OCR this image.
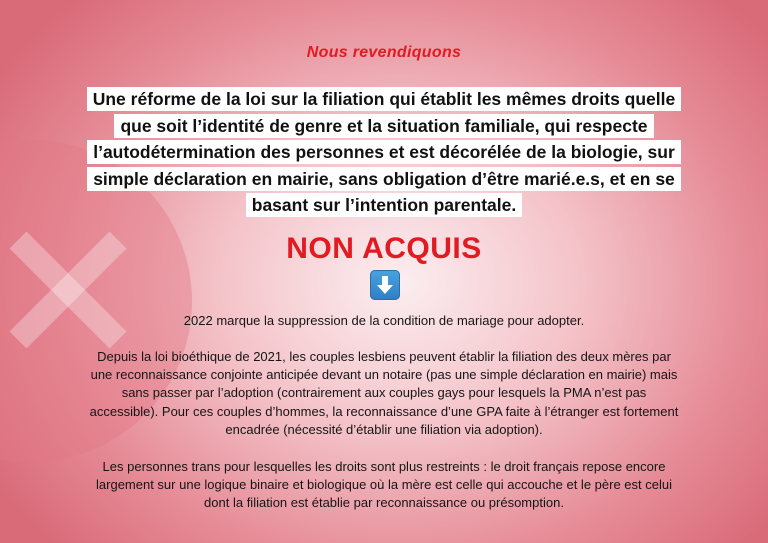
Nous revendiquons
Une réforme de la loi sur la filiation qui établit les mêmes droits quelle
que soit l’identité de genre et la situation familiale, qui respecte
l’autodétermination des personnes et est décorélée de la biologie, sur
simple déclaration en mairie, sans obligation d’être marié.e.s, et en se
basant sur l’intention parentale.
NON ACQUIS
2022 marque la suppression de la condition de mariage pour adopter.
Depuis la loi bioéthique de 2021, les couples lesbiens peuvent établir la filiation des deux mères par
une reconnaissance conjointe anticipée devant un notaire (pas une simple déclaration en mairie) mais
sans passer par l’adoption (contrairement aux couples gays pour lesquels la PMA n’est pas
accessible). Pour ces couples d’hommes, la reconnaissance d’une GPA faite à l’étranger est fortement
encadrée (nécessité d’établir une filiation via adoption).
Les personnes trans pour lesquelles les droits sont plus restreints : le droit français repose encore
largement sur une logique binaire et biologique où la mère est celle qui accouche et le père est celui
dont la filiation est établie par reconnaissance ou présomption.
